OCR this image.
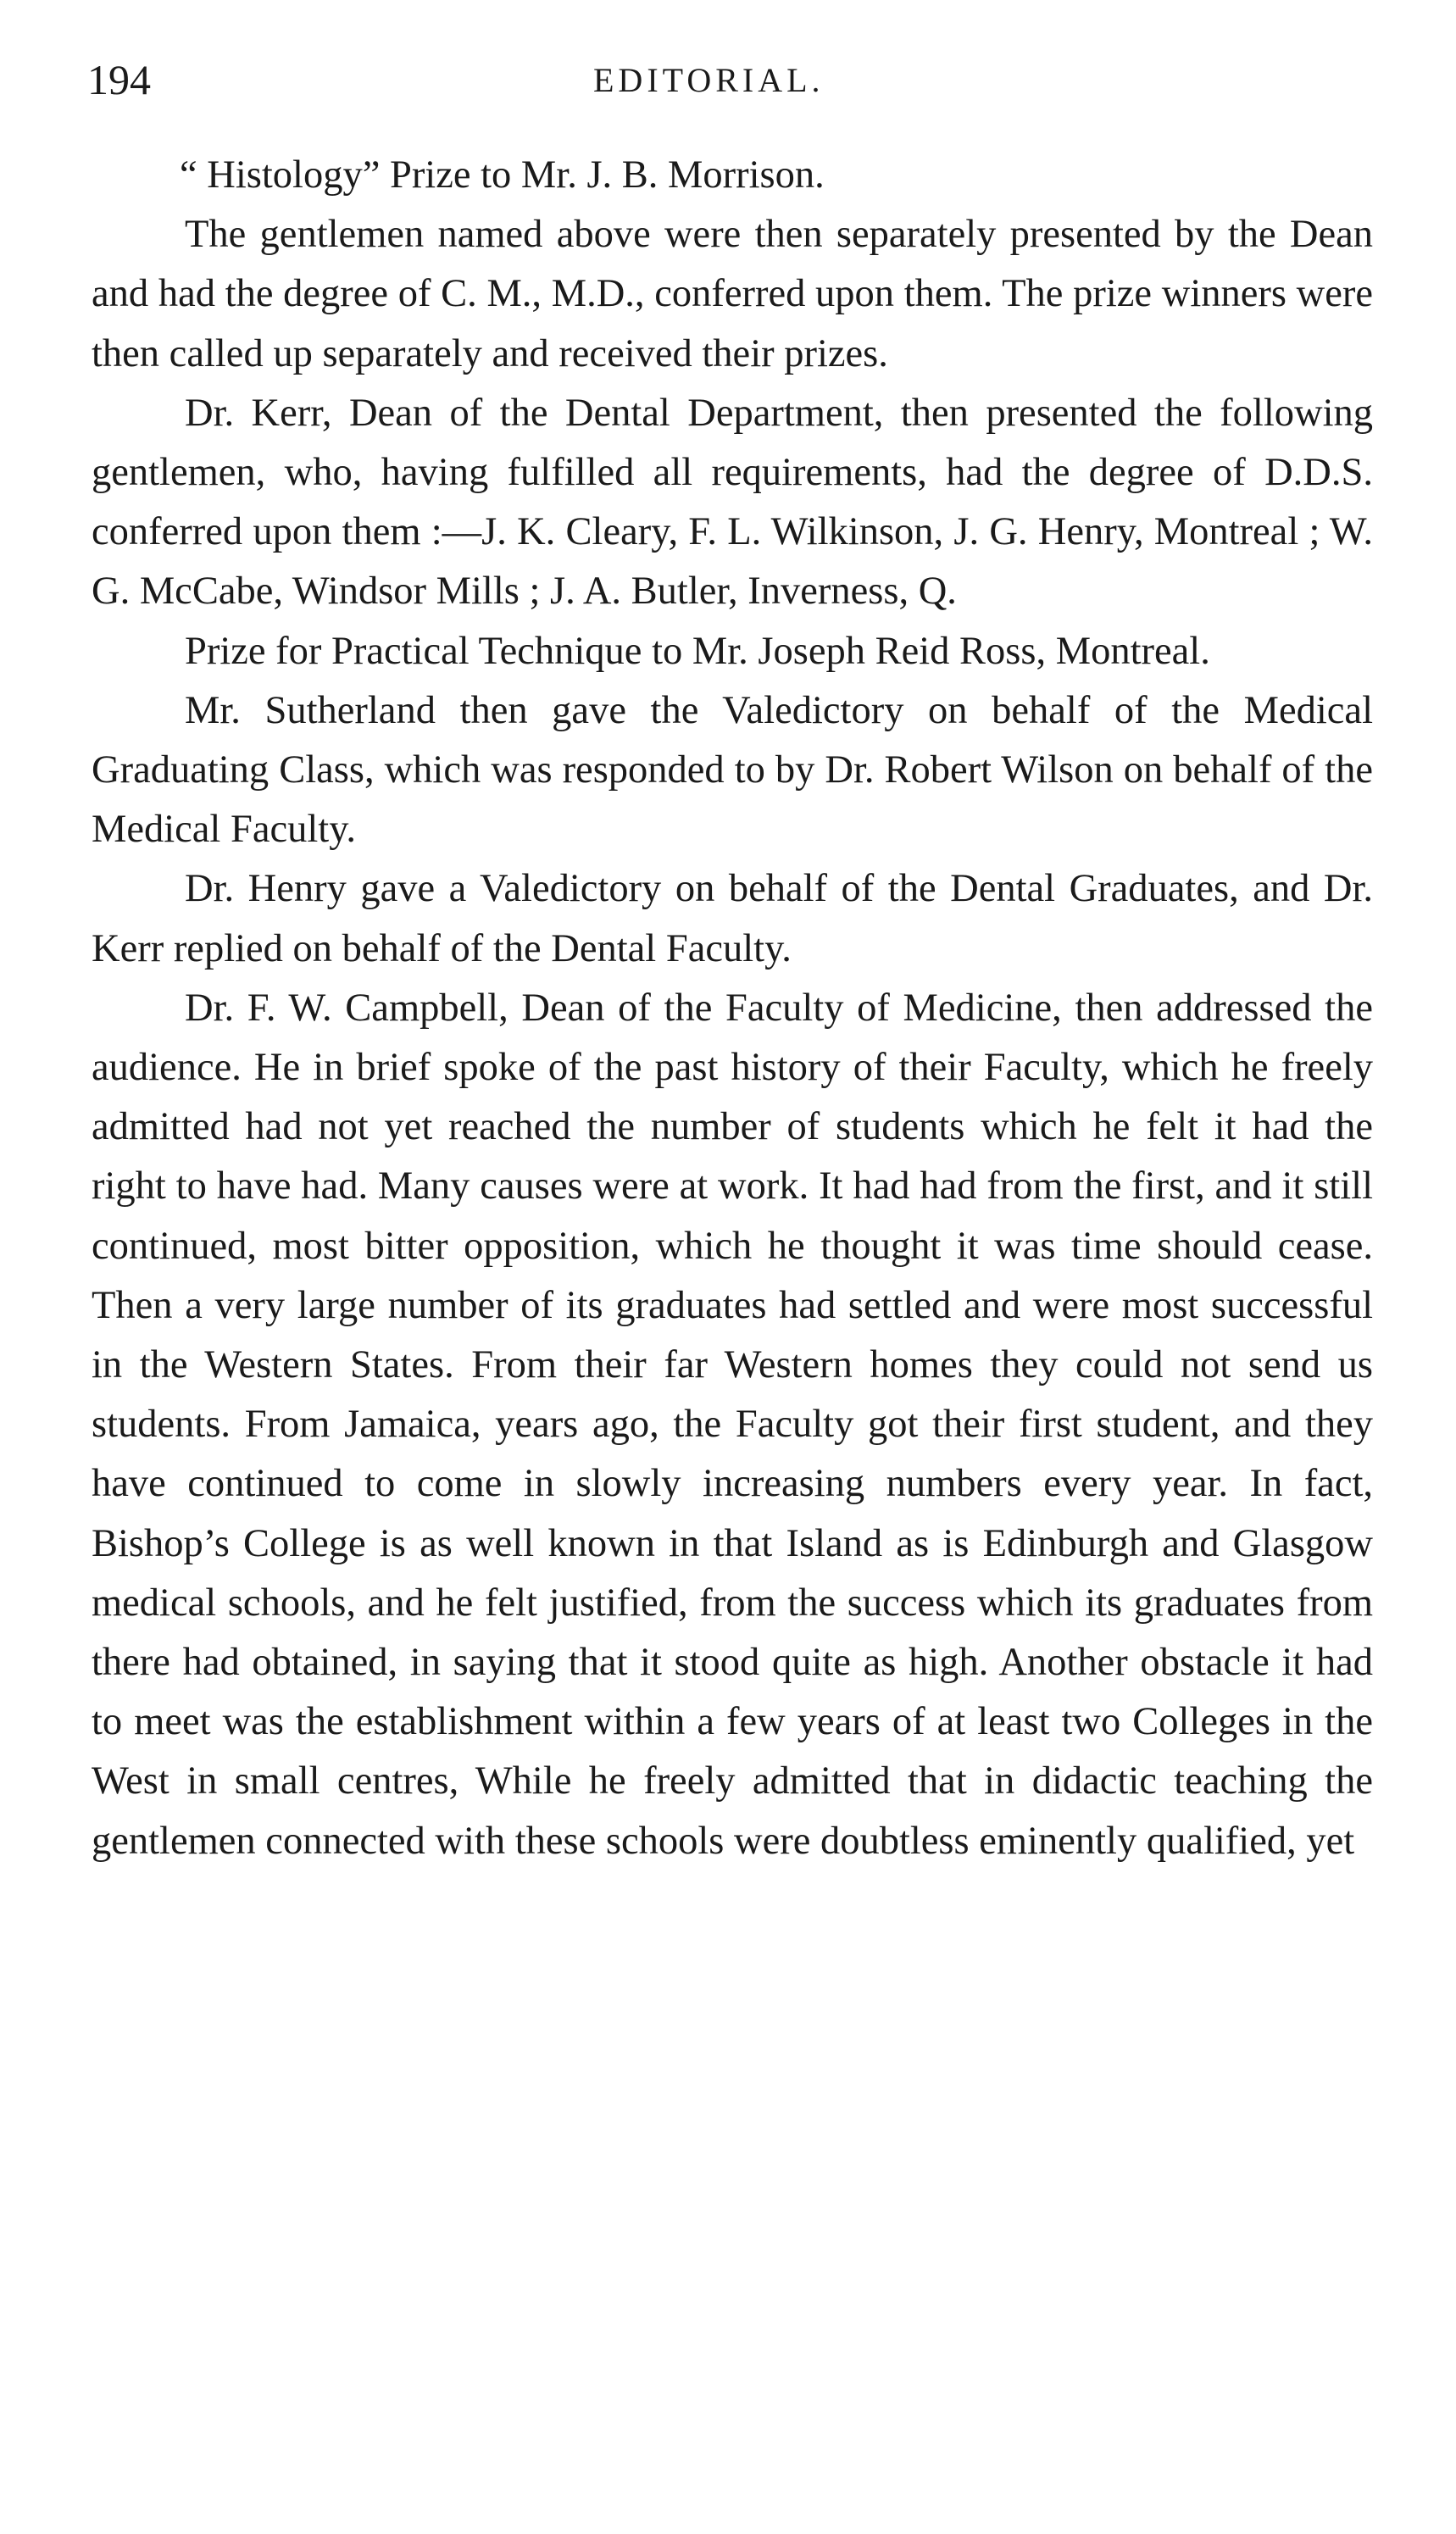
194	EDITORIAL.

“ Histology” Prize to Mr. J. B. Morrison.

The gentlemen named above were then separately presented by the Dean and had the degree of C. M., M.D., conferred upon them. The prize winners were then called up separately and received their prizes.

Dr. Kerr, Dean of the Dental Department, then presented the following gentlemen, who, having fulfilled all requirements, had the degree of D.D.S. conferred upon them :—J. K. Cleary, F. L. Wilkinson, J. G. Henry, Montreal ; W. G. McCabe, Windsor Mills ; J. A. Butler, Inverness, Q.

Prize for Practical Technique to Mr. Joseph Reid Ross, Montreal.

Mr. Sutherland then gave the Valedictory on behalf of the Medical Graduating Class, which was responded to by Dr. Robert Wilson on behalf of the Medical Faculty.

Dr. Henry gave a Valedictory on behalf of the Dental Graduates, and Dr. Kerr replied on behalf of the Dental Faculty.

Dr. F. W. Campbell, Dean of the Faculty of Medicine, then addressed the audience. He in brief spoke of the past history of their Faculty, which he freely admitted had not yet reached the number of students which he felt it had the right to have had. Many causes were at work. It had had from the first, and it still continued, most bitter opposition, which he thought it was time should cease. Then a very large number of its graduates had settled and were most successful in the Western States. From their far Western homes they could not send us students. From Jamaica, years ago, the Faculty got their first student, and they have continued to come in slowly increasing numbers every year. In fact, Bishop’s College is as well known in that Island as is Edinburgh and Glasgow medical schools, and he felt justified, from the success which its graduates from there had obtained, in saying that it stood quite as high. Another obstacle it had to meet was the establishment within a few years of at least two Colleges in the West in small centres, While he freely admitted that in didactic teaching the gentlemen connected with these schools were doubtless eminently qualified, yet
